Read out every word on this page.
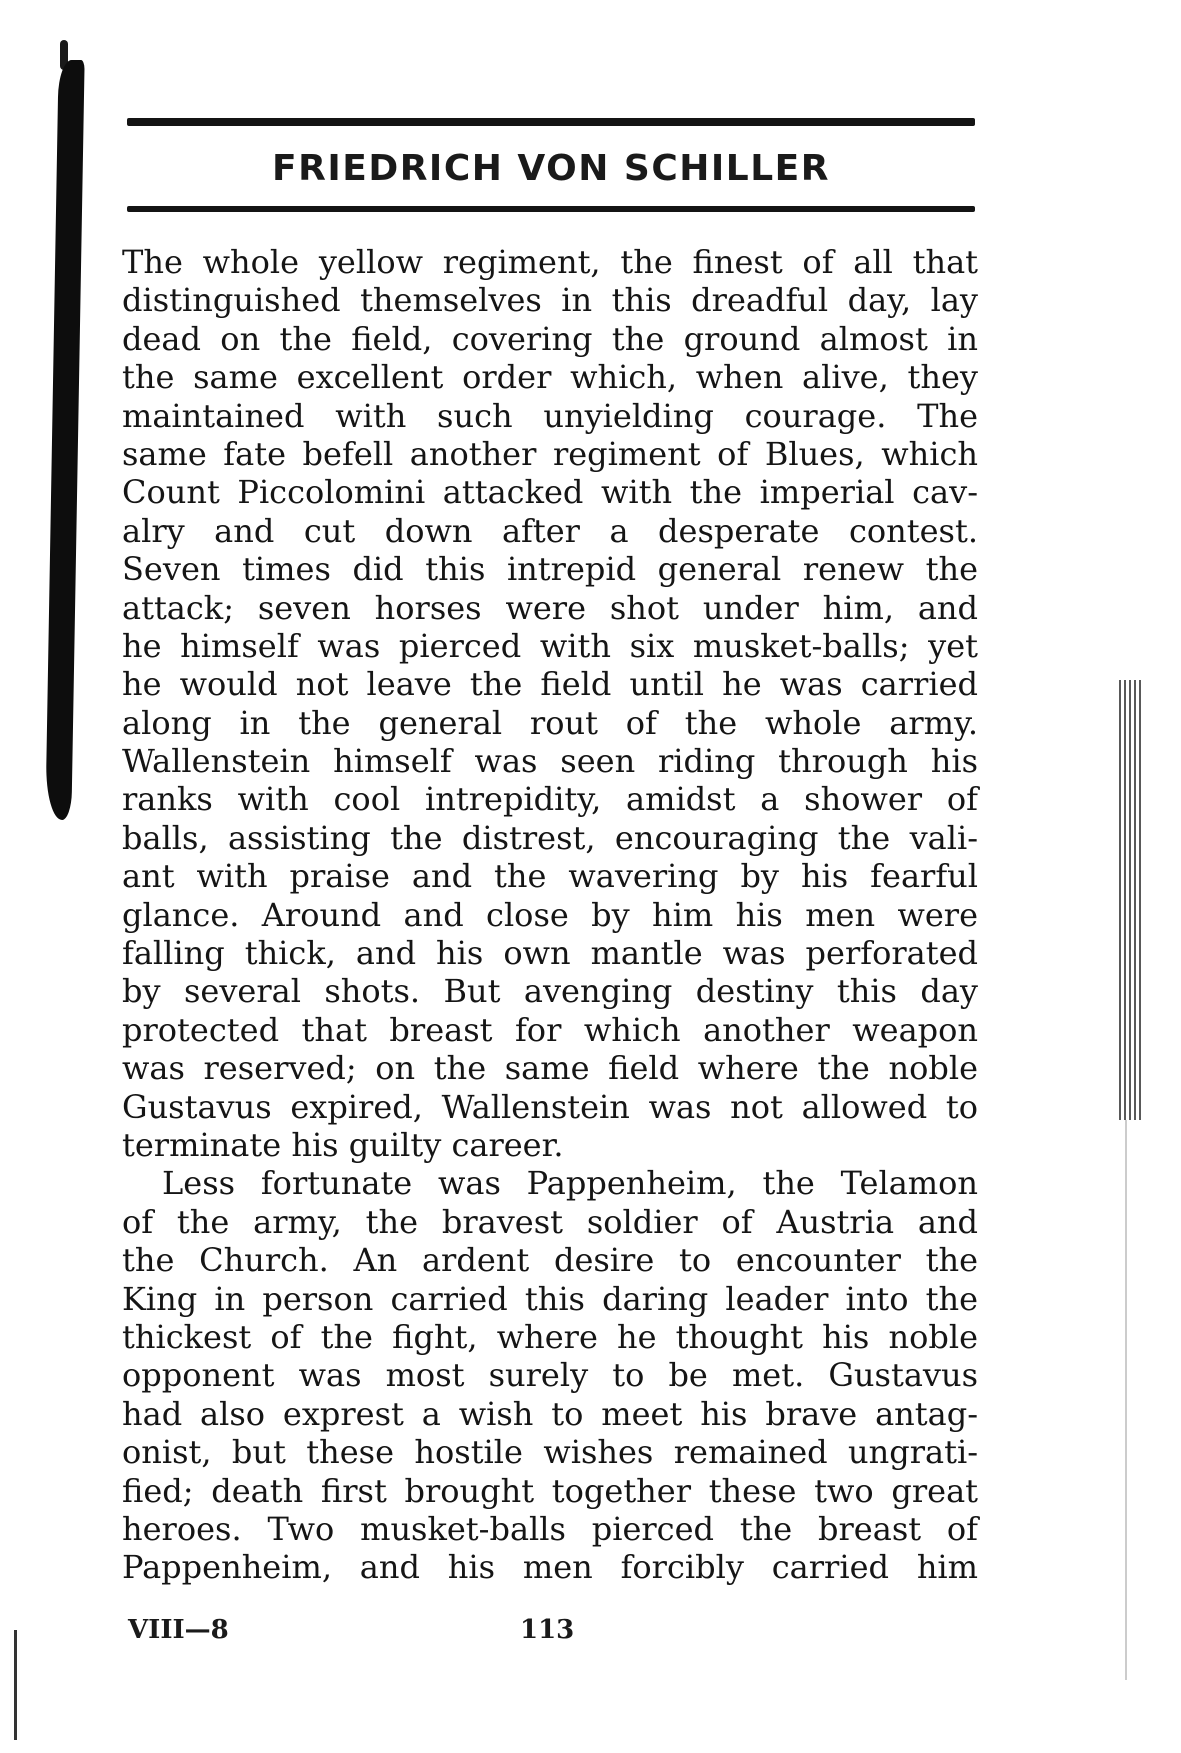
FRIEDRICH VON SCHILLER
The whole yellow regiment, the finest of all that
distinguished themselves in this dreadful day, lay
dead on the field, covering the ground almost in
the same excellent order which, when alive, they
maintained with such unyielding courage. The
same fate befell another regiment of Blues, which
Count Piccolomini attacked with the imperial cav-
alry and cut down after a desperate contest.
Seven times did this intrepid general renew the
attack; seven horses were shot under him, and
he himself was pierced with six musket-balls; yet
he would not leave the field until he was carried
along in the general rout of the whole army.
Wallenstein himself was seen riding through his
ranks with cool intrepidity, amidst a shower of
balls, assisting the distrest, encouraging the vali-
ant with praise and the wavering by his fearful
glance. Around and close by him his men were
falling thick, and his own mantle was perforated
by several shots. But avenging destiny this day
protected that breast for which another weapon
was reserved; on the same field where the noble
Gustavus expired, Wallenstein was not allowed to
terminate his guilty career.
Less fortunate was Pappenheim, the Telamon
of the army, the bravest soldier of Austria and
the Church. An ardent desire to encounter the
King in person carried this daring leader into the
thickest of the fight, where he thought his noble
opponent was most surely to be met. Gustavus
had also exprest a wish to meet his brave antag-
onist, but these hostile wishes remained ungrati-
fied; death first brought together these two great
heroes. Two musket-balls pierced the breast of
Pappenheim, and his men forcibly carried him
VIII—8	113
